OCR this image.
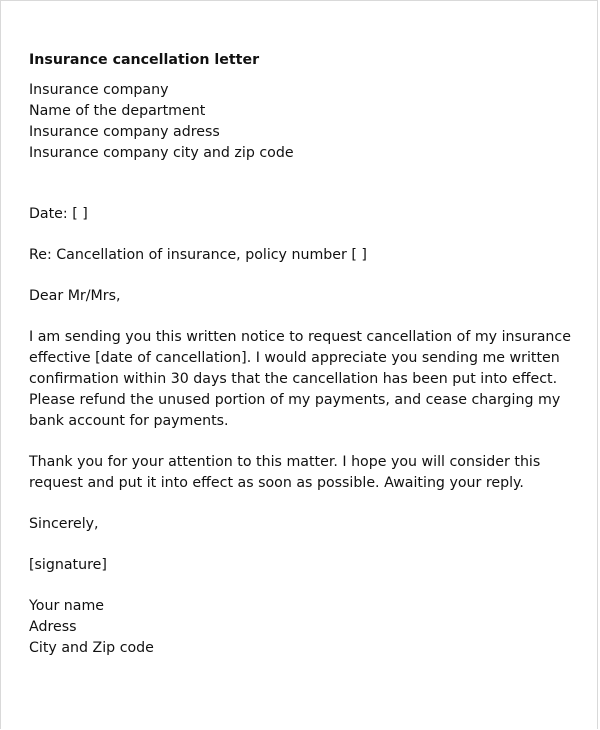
Insurance cancellation letter
Insurance company
Name of the department
Insurance company adress
Insurance company city and zip code
Date: [ ]
Re: Cancellation of insurance, policy number [ ]
Dear Mr/Mrs,
I am sending you this written notice to request cancellation of my insurance
effective [date of cancellation]. I would appreciate you sending me written
confirmation within 30 days that the cancellation has been put into effect.
Please refund the unused portion of my payments, and cease charging my
bank account for payments.
Thank you for your attention to this matter. I hope you will consider this
request and put it into effect as soon as possible. Awaiting your reply.
Sincerely,
[signature]
Your name
Adress
City and Zip code
